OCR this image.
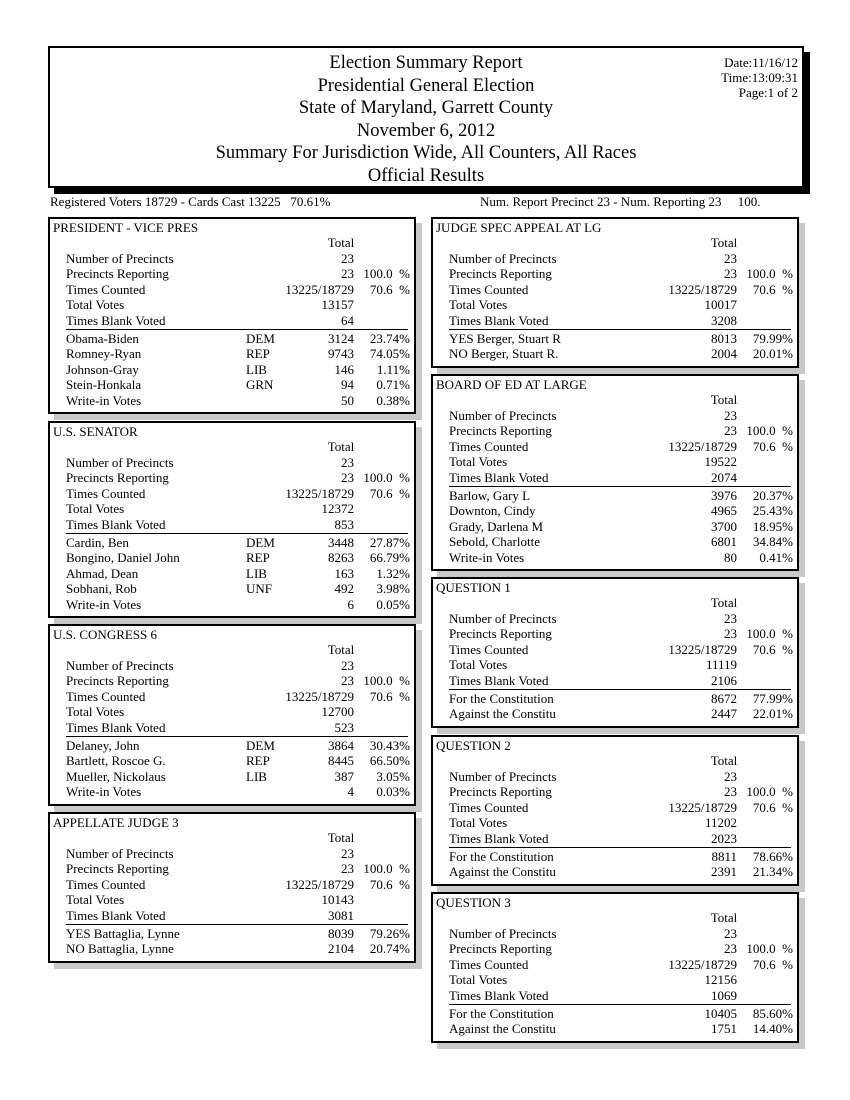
Election Summary Report
Presidential General Election
State of Maryland, Garrett County
November 6, 2012
Summary For Jurisdiction Wide, All Counters, All Races
Official Results
Date:11/16/12
Time:13:09:31
Page:1 of 2
Registered Voters 18729 - Cards Cast 13225   70.61%	Num. Report Precinct 23 - Num. Reporting 23     100.
PRESIDENT - VICE PRES
Total
Number of Precincts	23
Precincts Reporting	23 100.0  %
Times Counted	13225/18729 70.6  %
Total Votes	13157
Times Blank Voted	64
Obama-Biden	DEM	3124 23.74%
Romney-Ryan	REP	9743 74.05%
Johnson-Gray	LIB	146 1.11%
Stein-Honkala	GRN	94 0.71%
Write-in Votes	50 0.38%
U.S. SENATOR
Total
Number of Precincts	23
Precincts Reporting	23 100.0  %
Times Counted	13225/18729 70.6  %
Total Votes	12372
Times Blank Voted	853
Cardin, Ben	DEM	3448 27.87%
Bongino, Daniel John	REP	8263 66.79%
Ahmad, Dean	LIB	163 1.32%
Sobhani, Rob	UNF	492 3.98%
Write-in Votes	6 0.05%
U.S. CONGRESS 6
Total
Number of Precincts	23
Precincts Reporting	23 100.0  %
Times Counted	13225/18729 70.6  %
Total Votes	12700
Times Blank Voted	523
Delaney, John	DEM	3864 30.43%
Bartlett, Roscoe G.	REP	8445 66.50%
Mueller, Nickolaus	LIB	387 3.05%
Write-in Votes	4 0.03%
APPELLATE JUDGE 3
Total
Number of Precincts	23
Precincts Reporting	23 100.0  %
Times Counted	13225/18729 70.6  %
Total Votes	10143
Times Blank Voted	3081
YES Battaglia, Lynne	8039 79.26%
NO Battaglia, Lynne	2104 20.74%
JUDGE SPEC APPEAL AT LG
Total
Number of Precincts	23
Precincts Reporting	23 100.0  %
Times Counted	13225/18729 70.6  %
Total Votes	10017
Times Blank Voted	3208
YES Berger, Stuart R	8013 79.99%
NO Berger, Stuart R.	2004 20.01%
BOARD OF ED AT LARGE
Total
Number of Precincts	23
Precincts Reporting	23 100.0  %
Times Counted	13225/18729 70.6  %
Total Votes	19522
Times Blank Voted	2074
Barlow, Gary L	3976 20.37%
Downton, Cindy	4965 25.43%
Grady, Darlena M	3700 18.95%
Sebold, Charlotte	6801 34.84%
Write-in Votes	80 0.41%
QUESTION 1
Total
Number of Precincts	23
Precincts Reporting	23 100.0  %
Times Counted	13225/18729 70.6  %
Total Votes	11119
Times Blank Voted	2106
For the Constitution	8672 77.99%
Against the Constitu	2447 22.01%
QUESTION 2
Total
Number of Precincts	23
Precincts Reporting	23 100.0  %
Times Counted	13225/18729 70.6  %
Total Votes	11202
Times Blank Voted	2023
For the Constitution	8811 78.66%
Against the Constitu	2391 21.34%
QUESTION 3
Total
Number of Precincts	23
Precincts Reporting	23 100.0  %
Times Counted	13225/18729 70.6  %
Total Votes	12156
Times Blank Voted	1069
For the Constitution	10405 85.60%
Against the Constitu	1751 14.40%
